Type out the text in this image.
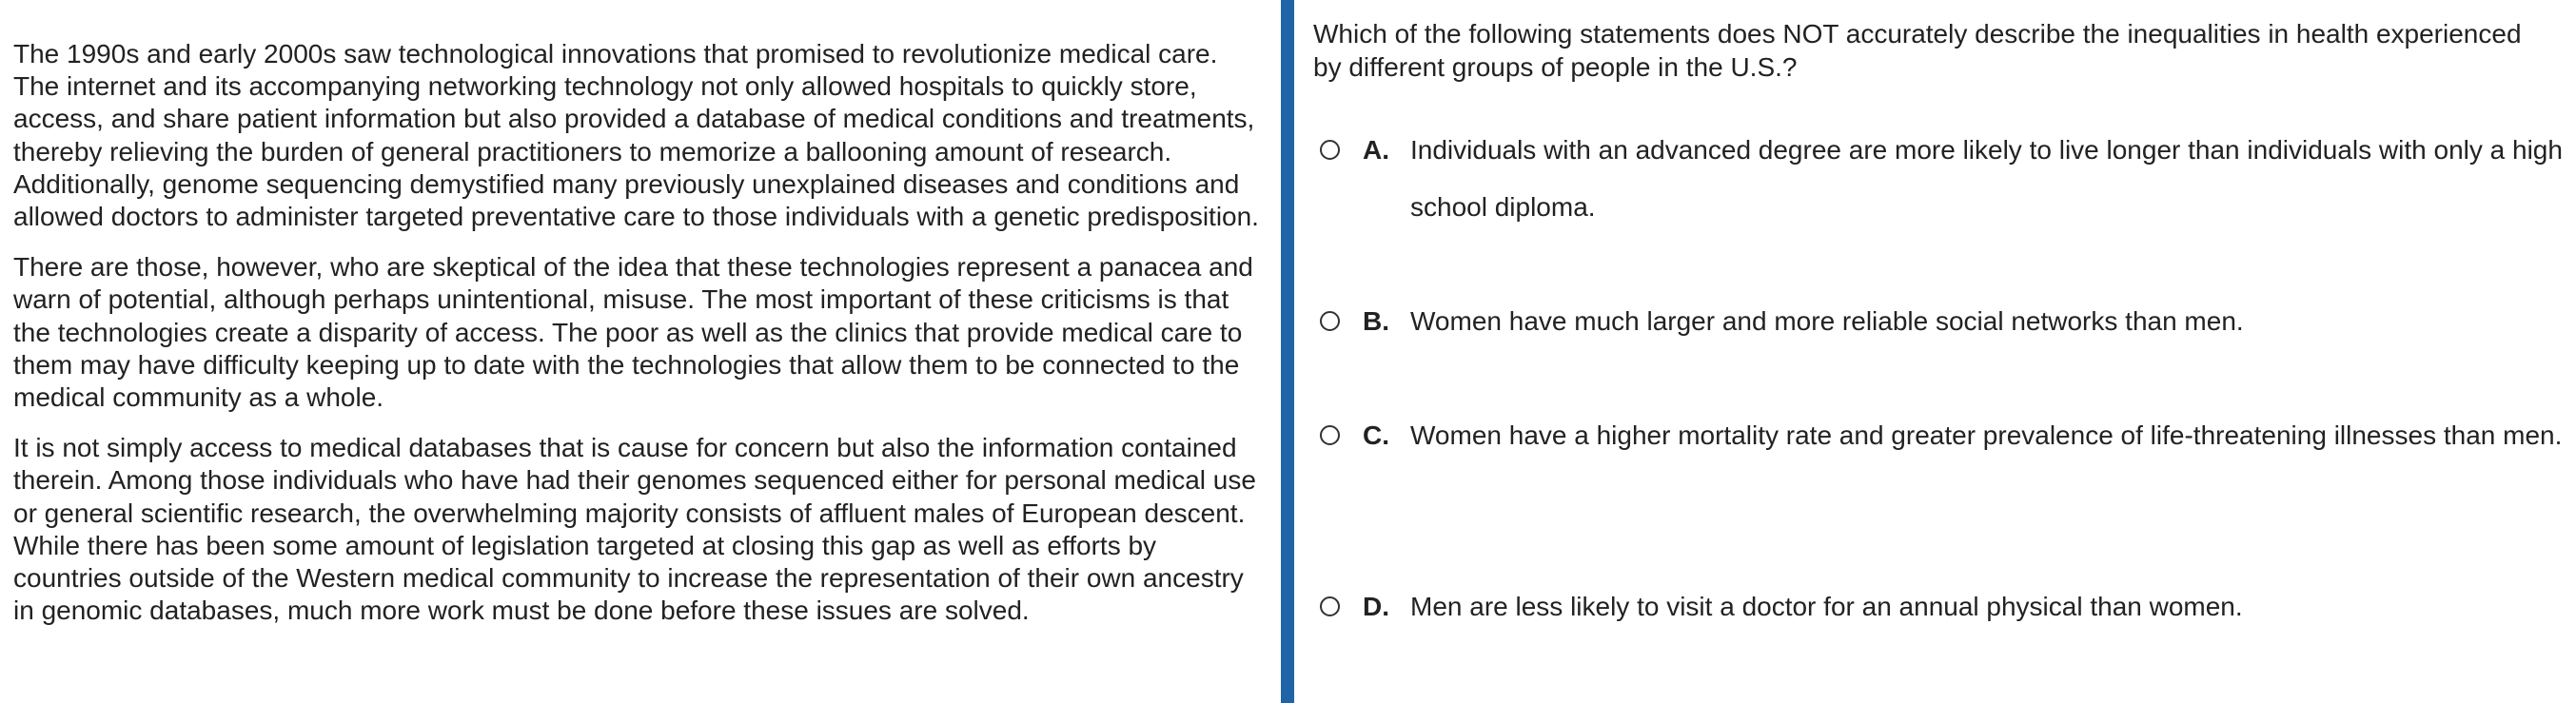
The 1990s and early 2000s saw technological innovations that promised to revolutionize medical care. The internet and its accompanying networking technology not only allowed hospitals to quickly store, access, and share patient information but also provided a database of medical conditions and treatments, thereby relieving the burden of general practitioners to memorize a ballooning amount of research. Additionally, genome sequencing demystified many previously unexplained diseases and conditions and allowed doctors to administer targeted preventative care to those individuals with a genetic predisposition.

There are those, however, who are skeptical of the idea that these technologies represent a panacea and warn of potential, although perhaps unintentional, misuse. The most important of these criticisms is that the technologies create a disparity of access. The poor as well as the clinics that provide medical care to them may have difficulty keeping up to date with the technologies that allow them to be connected to the medical community as a whole.

It is not simply access to medical databases that is cause for concern but also the information contained therein. Among those individuals who have had their genomes sequenced either for personal medical use or general scientific research, the overwhelming majority consists of affluent males of European descent. While there has been some amount of legislation targeted at closing this gap as well as efforts by countries outside of the Western medical community to increase the representation of their own ancestry in genomic databases, much more work must be done before these issues are solved.

Which of the following statements does NOT accurately describe the inequalities in health experienced by different groups of people in the U.S.?
A. Individuals with an advanced degree are more likely to live longer than individuals with only a high school diploma.
B. Women have much larger and more reliable social networks than men.
C. Women have a higher mortality rate and greater prevalence of life-threatening illnesses than men.
D. Men are less likely to visit a doctor for an annual physical than women.
